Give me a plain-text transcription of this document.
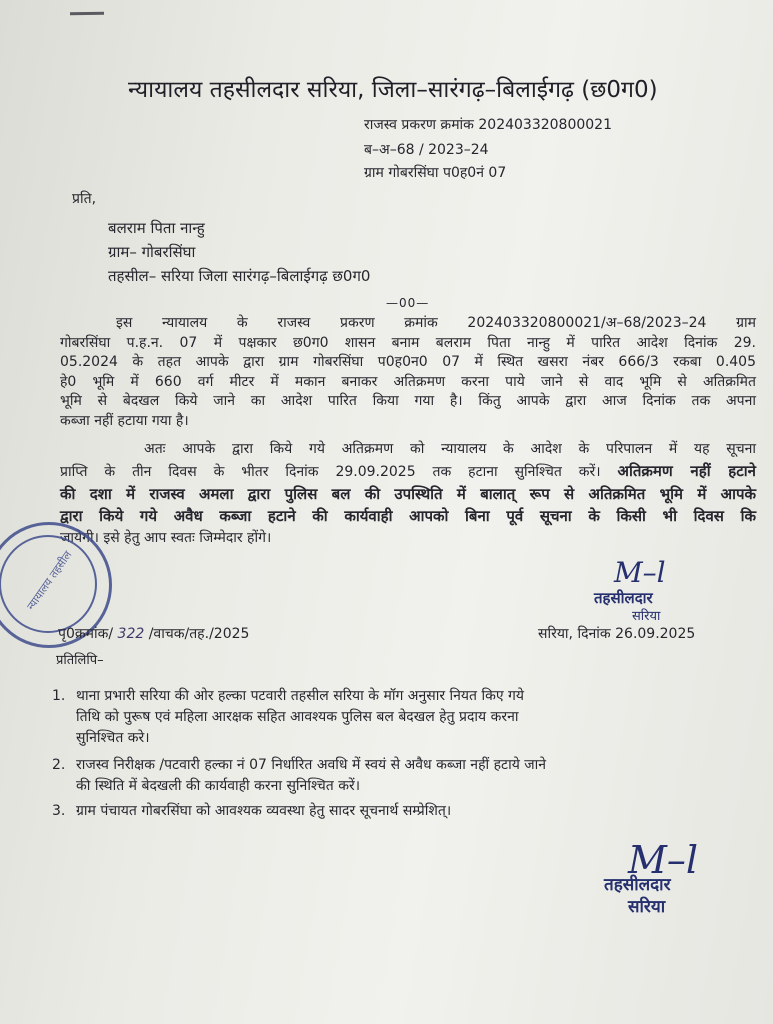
न्यायालय तहसीलदार सरिया, जिला–सारंगढ़–बिलाईगढ़ (छ0ग0)
राजस्व प्रकरण क्रमांक 202403320800021
ब–अ–68 / 2023–24
ग्राम गोबरसिंघा प0ह0नं 07
प्रति,
बलराम पिता नान्हु
ग्राम– गोबरसिंघा
तहसील– सरिया जिला सारंगढ़–बिलाईगढ़ छ0ग0
—00—
इस न्यायालय के राजस्व प्रकरण क्रमांक 202403320800021/अ–68/2023–24 ग्राम
गोबरसिंघा प.ह.न. 07 में पक्षकार छ0ग0 शासन बनाम बलराम पिता नान्हु में पारित आदेश दिनांक 29.
05.2024 के तहत आपके द्वारा ग्राम गोबरसिंघा प0ह0न0 07 में स्थित खसरा नंबर 666/3 रकबा 0.405
हे0 भूमि में 660 वर्ग मीटर में मकान बनाकर अतिक्रमण करना पाये जाने से वाद भूमि से अतिक्रमित
भूमि से बेदखल किये जाने का आदेश पारित किया गया है। किंतु आपके द्वारा आज दिनांक तक अपना
कब्जा नहीं हटाया गया है।
अतः आपके द्वारा किये गये अतिक्रमण को न्यायालय के आदेश के परिपालन में यह सूचना
प्राप्ति के तीन दिवस के भीतर दिनांक 29.09.2025 तक हटाना सुनिश्चित करें। अतिक्रमण नहीं हटाने
की दशा में राजस्व अमला द्वारा पुलिस बल की उपस्थिति में बालात् रूप से अतिक्रमित भूमि में आपके
द्वारा किये गये अवैध कब्जा हटाने की कार्यवाही आपको बिना पूर्व सूचना के किसी भी दिवस कि
जायेगी। इसे हेतु आप स्वतः जिम्मेदार होंगे।
न्यायालय तहसील	M–l
तहसीलदार
सरिया
पृ0क्रमांक/ 322 /वाचक/तह./2025	सरिया, दिनांक 26.09.2025
प्रतिलिपि–
1. थाना प्रभारी सरिया की ओर हल्का पटवारी तहसील सरिया के मॉग अनुसार नियत किए गये
तिथि को पुरूष एवं महिला आरक्षक सहित आवश्यक पुलिस बल बेदखल हेतु प्रदाय करना
सुनिश्चित करे।
2. राजस्व निरीक्षक /पटवारी हल्का नं 07 निर्धारित अवधि में स्वयं से अवैध कब्जा नहीं हटाये जाने
की स्थिति में बेदखली की कार्यवाही करना सुनिश्चित करें।
3. ग्राम पंचायत गोबरसिंघा को आवश्यक व्यवस्था हेतु सादर सूचनार्थ सम्प्रेशित्।
M–l
तहसीलदार
सरिया
